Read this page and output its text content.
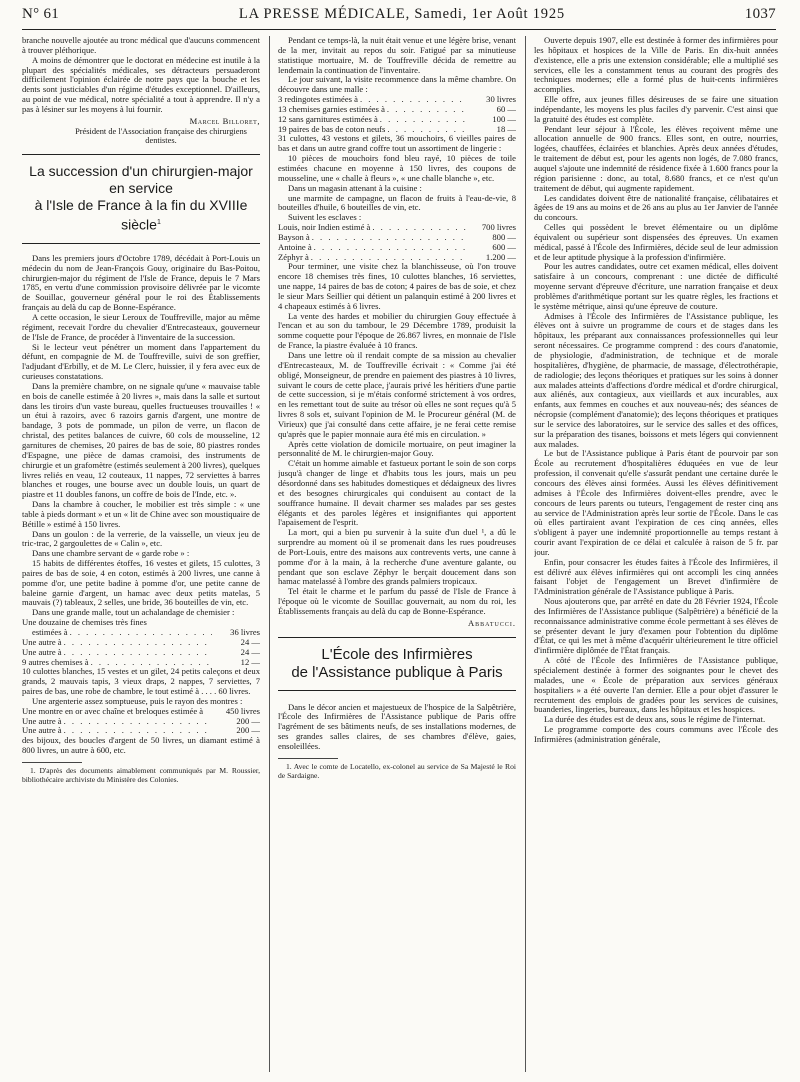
N° 61	LA PRESSE MÉDICALE, Samedi, 1er Août 1925	1037

branche nouvelle ajoutée au tronc médical que d'aucuns commencent à trouver pléthorique.

A moins de démontrer que le doctorat en médecine est inutile à la plupart des spécialités médicales, ses détracteurs persuaderont difficilement l'opinion éclairée de notre pays que la bouche et les dents sont justiciables d'un régime d'études exceptionnel. D'ailleurs, au point de vue médical, notre spécialité a tout à apprendre. Il n'y a pas à lésiner sur les moyens à lui fournir.

Marcel Billoret,
Président de l'Association française des chirurgiens dentistes.
La succession d'un chirurgien-major
en service
à l'Isle de France à la fin du XVIIIe siècle$^1$

Dans les premiers jours d'Octobre 1789, décédait à Port-Louis un médecin du nom de Jean-François Gouy, originaire du Bas-Poitou, chirurgien-major du régiment de l'Isle de France, depuis le 7 Mars 1785, en vertu d'une commission provisoire délivrée par le vicomte de Souillac, gouverneur général pour le roi des Établissements français au delà du cap de Bonne-Espérance.

A cette occasion, le sieur Leroux de Touffreville, major au même régiment, recevait l'ordre du chevalier d'Entrecasteaux, gouverneur de l'Isle de France, de procéder à l'inventaire de la succession.

Si le lecteur veut pénétrer un moment dans l'appartement du défunt, en compagnie de M. de Touffreville, suivi de son greffier, l'adjudant d'Erbilly, et de M. Le Clerc, huissier, il y fera avec eux de curieuses constatations.

Dans la première chambre, on ne signale qu'une « mauvaise table en bois de canelle estimée à 20 livres », mais dans la salle et surtout dans les tiroirs d'un vaste bureau, quelles fructueuses trouvailles ! « un étui à razoirs, avec 6 razoirs garnis d'argent, une montre de bandage, 3 pots de pommade, un pilon de verre, un flacon de christal, des petites balances de cuivre, 60 cols de mousseline, 12 garnitures de chemises, 20 paires de bas de soie, 80 piastres rondes d'Espagne, une pièce de damas cramoisi, des instruments de chirurgie et un grafomètre (estimés seulement à 200 livres), quelques livres reliés en veau, 12 couteaux, 11 nappes, 72 serviettes à barres blanches et rouges, une bourse avec un double louis, un quart de piastre et 11 doubles fanons, un coffre de bois de l'Inde, etc. ».

Dans la chambre à coucher, le mobilier est très simple : « une table à pieds dormant » et un « lit de Chine avec son moustiquaire de Bétille » estimé à 150 livres.

Dans un goulon : de la verrerie, de la vaisselle, un vieux jeu de tric-trac, 2 gargoulettes de « Calin », etc.

Dans une chambre servant de « garde robe » :

15 habits de différentes étoffes, 16 vestes et gilets, 15 culottes, 3 paires de bas de soie, 4 en coton, estimés à 200 livres, une canne à pomme d'or, une petite badine à pomme d'or, une petite canne de baleine garnie d'argent, un hamac avec deux petits matelas, 5 mauvais (?) tableaux, 2 selles, une bride, 36 bouteilles de vin, etc.

Dans une grande malle, tout un achalandage de chemisier :

Une douzaine de chemises très fines
estimées à . . .	36 livres
Une autre à . . .	24 —
Une autre à . . .	24 —
9 autres chemises à . . .	12 —

10 culottes blanches, 15 vestes et un gilet, 24 petits caleçons et deux grands, 2 mauvais tapis, 3 vieux draps, 2 nappes, 7 serviettes, 7 paires de bas, une robe de chambre, le tout estimé à . . . . 60 livres.

Une argenterie assez somptueuse, puis le rayon des montres :

Une montre en or avec chaîne et breloques estimée à	450 livres
Une autre à . . .	200 —
Une autre à . . .	200 —

des bijoux, des boucles d'argent de 50 livres, un diamant estimé à 800 livres, un autre à 600, etc.

1. D'après des documents aimablement communiqués par M. Roussier, bibliothécaire archiviste du Ministère des Colonies.

Pendant ce temps-là, la nuit était venue et une légère brise, venant de la mer, invitait au repos du soir. Fatigué par sa minutieuse statistique mortuaire, M. de Touffreville décida de remettre au lendemain la continuation de l'inventaire.

Le jour suivant, la visite recommence dans la même chambre. On découvre dans une malle :

3 redingotes estimées à . . .	30 livres
13 chemises garnies estimées à . . .	60 —
12 sans garnitures estimées à . . .	100 —
19 paires de bas de coton neufs . . .	18 —

31 culottes, 43 vestons et gilets, 36 mouchoirs, 6 vieilles paires de bas et dans un autre grand coffre tout un assortiment de lingerie :

10 pièces de mouchoirs fond bleu rayé, 10 pièces de toile estimées chacune en moyenne à 150 livres, des coupons de mousseline, une « challe à fleurs », « une challe blanche », etc.

Dans un magasin attenant à la cuisine :

une marmite de campagne, un flacon de fruits à l'eau-de-vie, 8 bouteilles d'huile, 6 bouteilles de vin, etc.

Suivent les esclaves :

Louis, noir Indien estimé à . . .	700 livres
Bayson à . . .	800 —
Antoine à . . .	600 —
Zéphyr à . . .	1.200 —

Pour terminer, une visite chez la blanchisseuse, où l'on trouve encore 18 chemises très fines, 10 culottes blanches, 16 serviettes, une nappe, 14 paires de bas de coton; 4 paires de bas de soie, et chez le sieur Mars Seillier qui détient un palanquin estimé à 200 livres et 4 chapeaux estimés à 6 livres.

La vente des hardes et mobilier du chirurgien Gouy effectuée à l'encan et au son du tambour, le 29 Décembre 1789, produisit la somme coquette pour l'époque de 26.867 livres, en monnaie de l'Isle de France, la piastre évaluée à 10 francs.

Dans une lettre où il rendait compte de sa mission au chevalier d'Entrecasteaux, M. de Touffreville écrivait : « Comme j'ai été obligé, Monseigneur, de prendre en paiement des piastres à 10 livres, suivant le cours de cette place, j'aurais privé les héritiers d'une partie de cette succession, si je m'étais conformé strictement à vos ordres, en les remettant tout de suite au trésor où elles ne sont reçues qu'à 5 livres 8 sols et, suivant l'opinion de M. le Procureur général (M. de Virieux) que j'ai consulté dans cette affaire, je ne ferai cette remise qu'après que le papier monnaie aura été mis en circulation. »

Après cette violation de domicile mortuaire, on peut imaginer la personnalité de M. le chirurgien-major Gouy.

C'était un homme aimable et fastueux portant le soin de son corps jusqu'à changer de linge et d'habits tous les jours, mais un peu désordonné dans ses habitudes domestiques et dédaigneux des livres et des besognes chirurgicales qui conduisent au contact de la souffrance humaine. Il devait charmer ses malades par ses gestes élégants et des paroles légères et insignifiantes qui apportent l'apaisement de l'esprit.

La mort, qui a bien pu survenir à la suite d'un duel ¹, a dû le surprendre au moment où il se promenait dans les rues poudreuses de Port-Louis, entre des maisons aux contrevents verts, une canne à pomme d'or à la main, à la recherche d'une aventure galante, ou pendant que son esclave Zéphyr le berçait doucement dans son hamac matelassé à l'ombre des grands palmiers tropicaux.

Tel était le charme et le parfum du passé de l'Isle de France à l'époque où le vicomte de Souillac gouvernait, au nom du roi, les Établissements français au delà du cap de Bonne-Espérance.

Abbatucci.
L'École des Infirmières
de l'Assistance publique à Paris

Dans le décor ancien et majestueux de l'hospice de la Salpêtrière, l'École des Infirmières de l'Assistance publique de Paris offre l'agrément de ses bâtiments neufs, de ses installations modernes, de ses grandes salles claires, de ses chambres d'élève, gaies, ensoleillées.

1. Avec le comte de Locatello, ex-colonel au service de Sa Majesté le Roi de Sardaigne.

Ouverte depuis 1907, elle est destinée à former des infirmières pour les hôpitaux et hospices de la Ville de Paris. En dix-huit années d'existence, elle a pris une extension considérable; elle a multiplié ses services, elle les a constamment tenus au courant des progrès des techniques modernes; elle a formé plus de huit-cents infirmières accomplies.

Elle offre, aux jeunes filles désireuses de se faire une situation indépendante, les moyens les plus faciles d'y parvenir. C'est ainsi que la gratuité des études est complète.

Pendant leur séjour à l'École, les élèves reçoivent même une allocation annuelle de 900 francs. Elles sont, en outre, nourries, logées, chauffées, éclairées et blanchies. Après deux années d'études, le traitement de début est, pour les agents non logés, de 7.080 francs, auquel s'ajoute une indemnité de résidence fixée à 1.600 francs pour la région parisienne : donc, au total, 8.680 francs, et ce n'est qu'un traitement de début, qui augmente rapidement.

Les candidates doivent être de nationalité française, célibataires et âgées de 19 ans au moins et de 26 ans au plus au 1er Janvier de l'année du concours.

Celles qui possèdent le brevet élémentaire ou un diplôme équivalent ou supérieur sont dispensées des épreuves. Un examen médical, passé à l'École des Infirmières, décide seul de leur admission et de leur aptitude physique à la profession d'infirmière.

Pour les autres candidates, outre cet examen médical, elles doivent satisfaire à un concours, comprenant : une dictée de difficulté moyenne servant d'épreuve d'écriture, une narration française et deux problèmes d'arithmétique portant sur les quatre règles, les fractions et le système métrique, ainsi qu'une épreuve de couture.

Admises à l'École des Infirmières de l'Assistance publique, les élèves ont à suivre un programme de cours et de stages dans les hôpitaux, les préparant aux connaissances professionnelles qui leur seront nécessaires. Ce programme comprend : des cours d'anatomie, de physiologie, d'administration, de technique et de morale hospitalières, d'hygiène, de pharmacie, de massage, d'électrothérapie, de radiologie; des leçons théoriques et pratiques sur les soins à donner aux malades atteints d'affections d'ordre médical et d'ordre chirurgical, aux aliénés, aux contagieux, aux vieillards et aux incurables, aux enfants, aux femmes en couches et aux nouveau-nés; des séances de nécropsie (complément d'anatomie); des leçons théoriques et pratiques sur le service des laboratoires, sur le service des salles et des offices, sur la préparation des tisanes, boissons et mets légers qui conviennent aux malades.

Le but de l'Assistance publique à Paris étant de pourvoir par son École au recrutement d'hospitalières éduquées en vue de leur profession, il convenait qu'elle s'assurât pendant une certaine durée le concours des élèves ainsi formées. Aussi les élèves définitivement admises à l'École des Infirmières doivent-elles prendre, avec le concours de leurs parents ou tuteurs, l'engagement de rester cinq ans au service de l'Administration après leur sortie de l'École. Dans le cas où elles partiraient avant l'expiration de ces cinq années, elles s'obligent à payer une indemnité proportionnelle au temps restant à courir avant l'expiration de ce délai et calculée à raison de 5 fr. par jour.

Enfin, pour consacrer les études faites à l'École des Infirmières, il est délivré aux élèves infirmières qui ont accompli les cinq années faisant l'objet de l'engagement un Brevet d'infirmière de l'Administration générale de l'Assistance publique à Paris.

Nous ajouterons que, par arrêté en date du 28 Février 1924, l'École des Infirmières de l'Assistance publique (Salpêtrière) a bénéficié de la reconnaissance administrative comme école permettant à ses élèves de se présenter devant le jury d'examen pour l'obtention du diplôme d'État, ce qui les met à même d'acquérir ultérieurement le titre officiel d'infirmière diplômée de l'État français.

A côté de l'École des Infirmières de l'Assistance publique, spécialement destinée à former des soignantes pour le chevet des malades, une « École de préparation aux services généraux hospitaliers » a été ouverte l'an dernier. Elle a pour objet d'assurer le recrutement des emplois de gradées pour les services de cuisines, buanderies, lingeries, bureaux, dans les hôpitaux et les hospices.

La durée des études est de deux ans, sous le régime de l'internat.

Le programme comporte des cours communs avec l'École des Infirmières (administration générale,
